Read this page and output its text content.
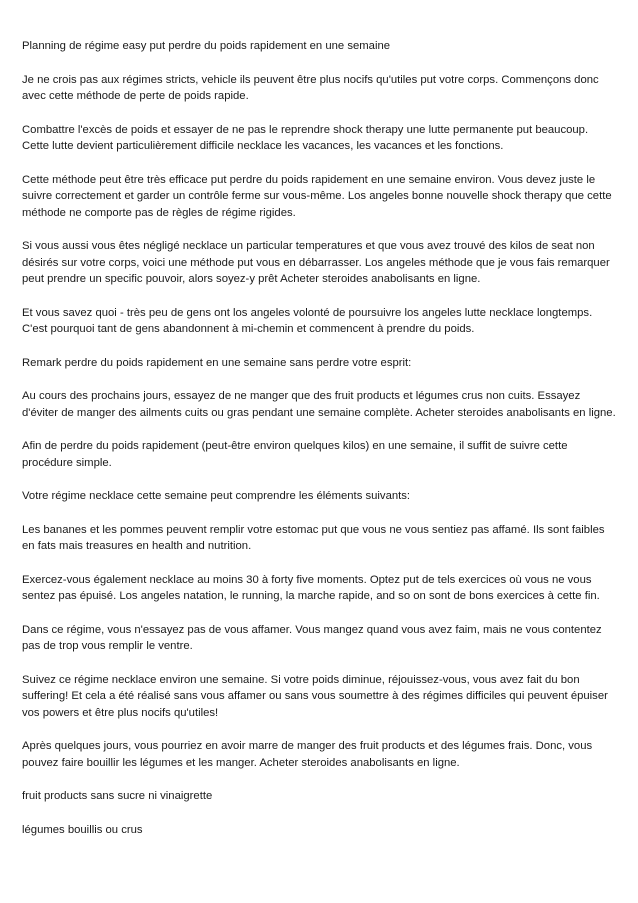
Planning de régime easy put perdre du poids rapidement en une semaine

Je ne crois pas aux régimes stricts, vehicle ils peuvent être plus nocifs qu'utiles put votre corps. Commençons donc avec cette méthode de perte de poids rapide.

Combattre l'excès de poids et essayer de ne pas le reprendre shock therapy une lutte permanente put beaucoup. Cette lutte devient particulièrement difficile necklace les vacances, les vacances et les fonctions.

Cette méthode peut être très efficace put perdre du poids rapidement en une semaine environ. Vous devez juste le suivre correctement et garder un contrôle ferme sur vous-même. Los angeles bonne nouvelle shock therapy que cette méthode ne comporte pas de règles de régime rigides.

Si vous aussi vous êtes négligé necklace un particular temperatures et que vous avez trouvé des kilos de seat non désirés sur votre corps, voici une méthode put vous en débarrasser. Los angeles méthode que je vous fais remarquer peut prendre un specific pouvoir, alors soyez-y prêt Acheter steroides anabolisants en ligne.

Et vous savez quoi - très peu de gens ont los angeles volonté de poursuivre los angeles lutte necklace longtemps. C'est pourquoi tant de gens abandonnent à mi-chemin et commencent à prendre du poids.

Remark perdre du poids rapidement en une semaine sans perdre votre esprit:

Au cours des prochains jours, essayez de ne manger que des fruit products et légumes crus non cuits. Essayez d'éviter de manger des ailments cuits ou gras pendant une semaine complète. Acheter steroides anabolisants en ligne.

Afin de perdre du poids rapidement (peut-être environ quelques kilos) en une semaine, il suffit de suivre cette procédure simple.

Votre régime necklace cette semaine peut comprendre les éléments suivants:

Les bananes et les pommes peuvent remplir votre estomac put que vous ne vous sentiez pas affamé. Ils sont faibles en fats mais treasures en health and nutrition.

Exercez-vous également necklace au moins 30 à forty five moments. Optez put de tels exercices où vous ne vous sentez pas épuisé. Los angeles natation, le running, la marche rapide, and so on sont de bons exercices à cette fin.

Dans ce régime, vous n'essayez pas de vous affamer. Vous mangez quand vous avez faim, mais ne vous contentez pas de trop vous remplir le ventre.

Suivez ce régime necklace environ une semaine. Si votre poids diminue, réjouissez-vous, vous avez fait du bon suffering! Et cela a été réalisé sans vous affamer ou sans vous soumettre à des régimes difficiles qui peuvent épuiser vos powers et être plus nocifs qu'utiles!

Après quelques jours, vous pourriez en avoir marre de manger des fruit products et des légumes frais. Donc, vous pouvez faire bouillir les légumes et les manger. Acheter steroides anabolisants en ligne.

fruit products sans sucre ni vinaigrette

légumes bouillis ou crus
